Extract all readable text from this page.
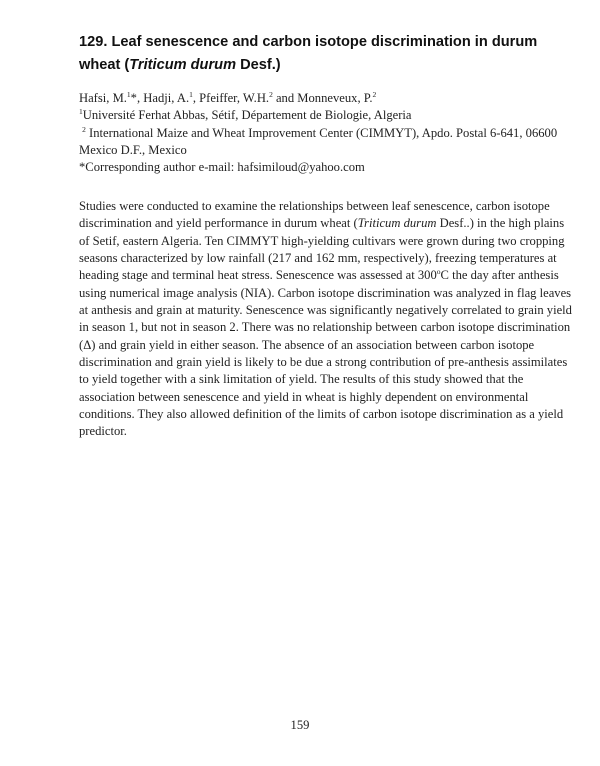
129. Leaf senescence and carbon isotope discrimination in durum
wheat (Triticum durum Desf.)
Hafsi, M.$^1$*, Hadji, A.$^1$, Pfeiffer, W.H.$^2$ and Monneveux, P.$^2$
$^1$Université Ferhat Abbas, Sétif, Département de Biologie, Algeria
$^2$ International Maize and Wheat Improvement Center (CIMMYT), Apdo. Postal 6-641, 06600
Mexico D.F., Mexico
*Corresponding author e-mail: hafsimiloud@yahoo.com
Studies were conducted to examine the relationships between leaf senescence, carbon isotope
discrimination and yield performance in durum wheat (Triticum durum Desf..) in the high plains
of Setif, eastern Algeria. Ten CIMMYT high-yielding cultivars were grown during two cropping
seasons characterized by low rainfall (217 and 162 mm, respectively), freezing temperatures at
heading stage and terminal heat stress. Senescence was assessed at 300$^o$C the day after anthesis
using numerical image analysis (NIA). Carbon isotope discrimination was analyzed in flag leaves
at anthesis and grain at maturity. Senescence was significantly negatively correlated to grain yield
in season 1, but not in season 2. There was no relationship between carbon isotope discrimination
(Δ) and grain yield in either season. The absence of an association between carbon isotope
discrimination and grain yield is likely to be due a strong contribution of pre-anthesis assimilates
to yield together with a sink limitation of yield. The results of this study showed that the
association between senescence and yield in wheat is highly dependent on environmental
conditions. They also allowed definition of the limits of carbon isotope discrimination as a yield
predictor.
159
